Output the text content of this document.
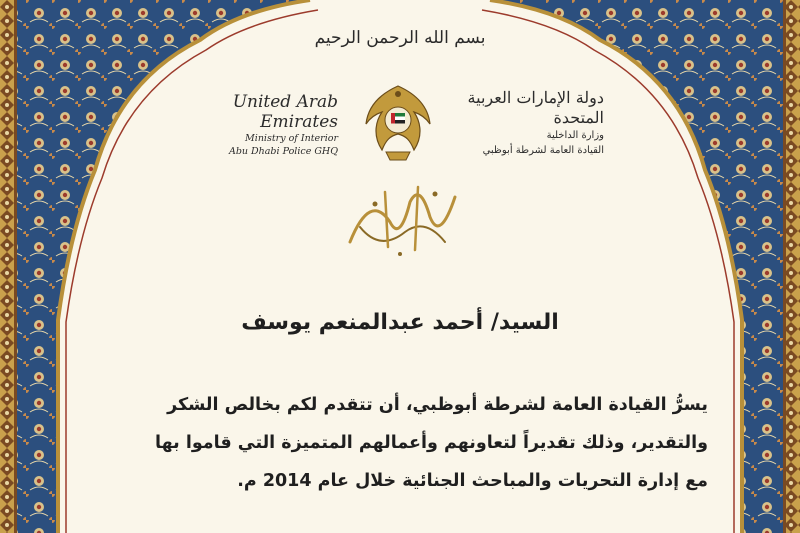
بسم الله الرحمن الرحيم
United Arab Emirates
Ministry of Interior
Abu Dhabi Police GHQ
دولة الإمارات العربية المتحدة
وزارة الداخلية
القيادة العامة لشرطة أبوظبي
السيد/ أحمد عبدالمنعم يوسف
يسرُّ القيادة العامة لشرطة أبوظبي، أن تتقدم لكم بخالص الشكر
والتقدير، وذلك تقديراً لتعاونهم وأعمالهم المتميزة التي قاموا بها
مع إدارة التحريات والمباحث الجنائية خلال عام 2014 م.
